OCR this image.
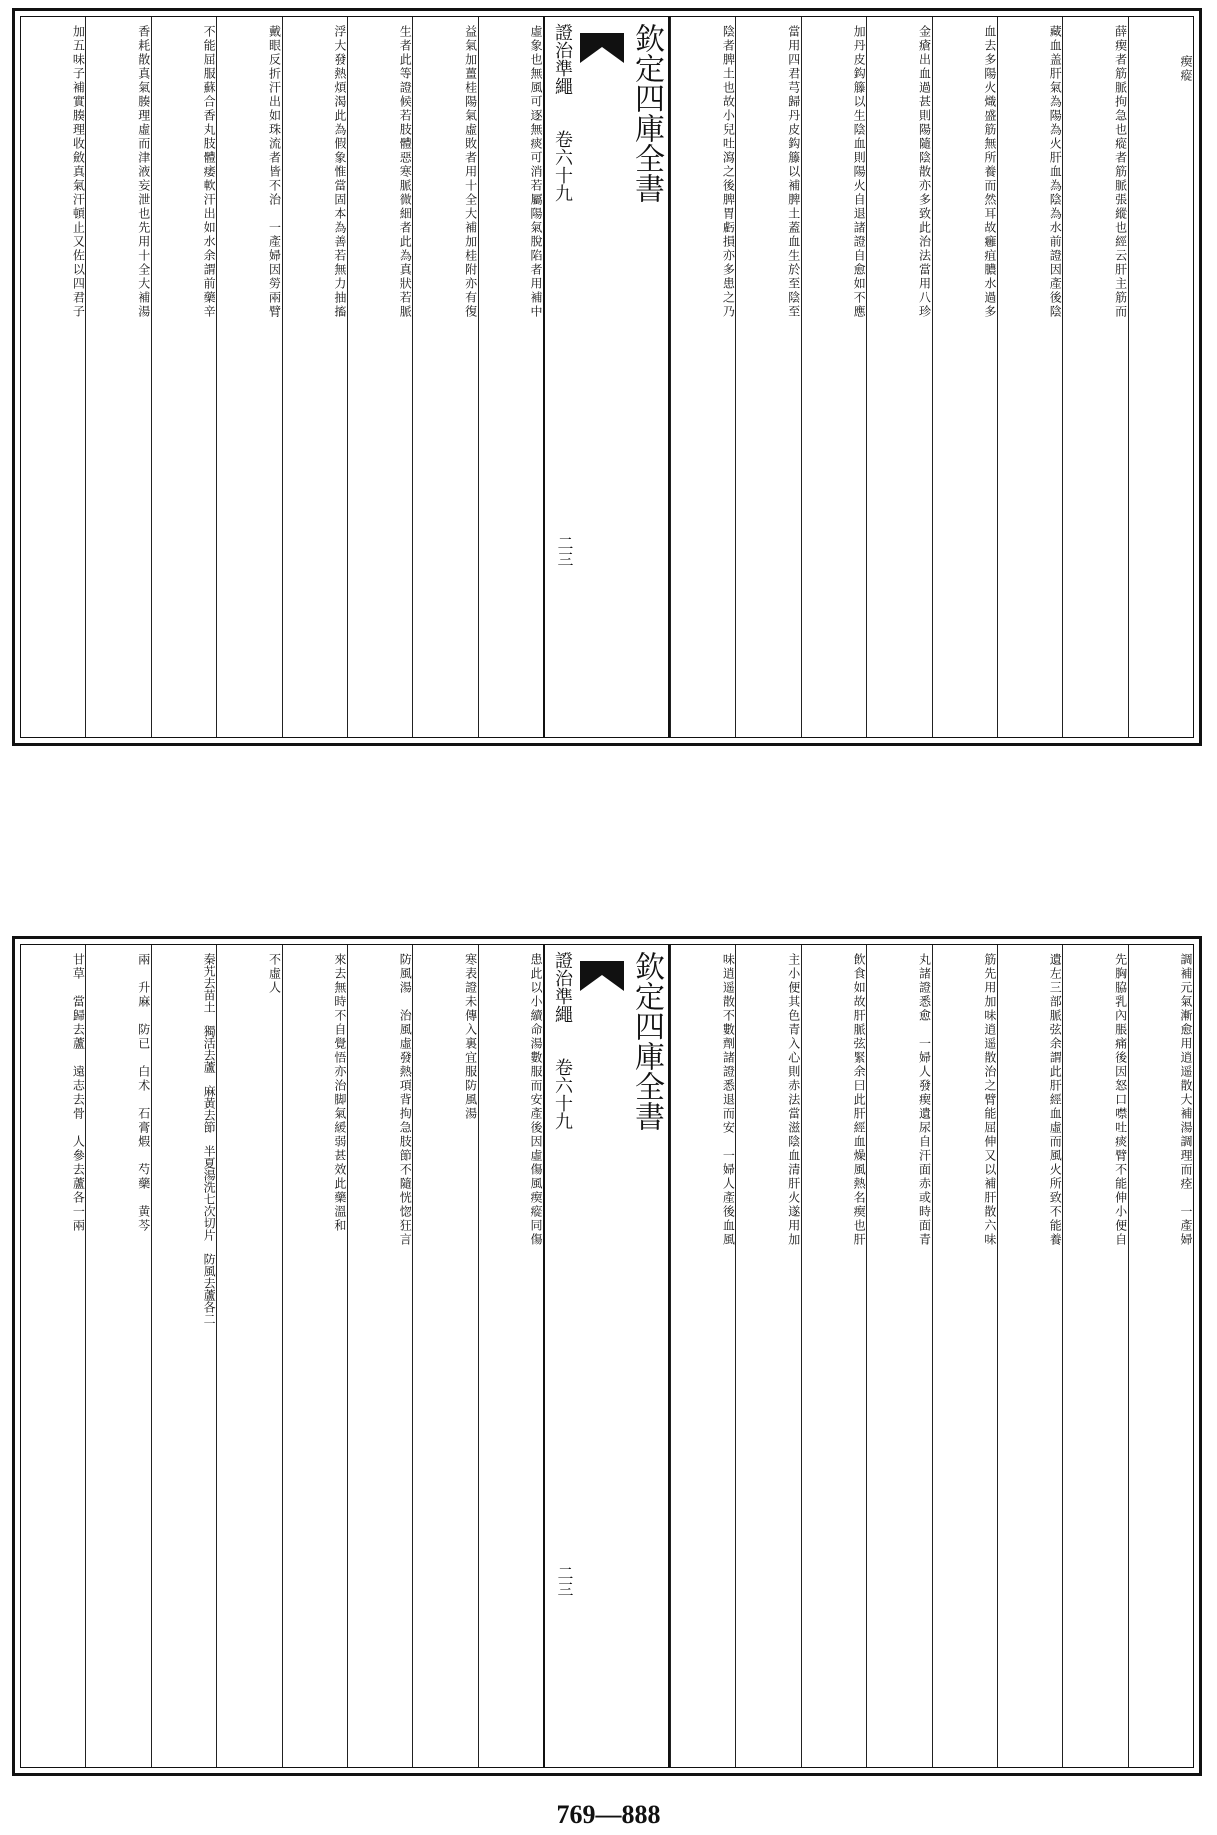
瘈瘲
薛瘈者筋脈拘急也瘲者筋脈張縱也經云肝主筋而
藏血盖肝氣為陽為火肝血為陰為水前證因產後陰
血去多陽火熾盛筋無所養而然耳故癰疽膿水過多
金瘡出血過甚則陽隨陰散亦多致此治法當用八珍
加丹皮鈎籐以生陰血則陽火自退諸證自愈如不應
當用四君芎歸丹皮鈎籐以補脾土蓋血生於至陰至
陰者脾土也故小兒吐瀉之後脾胃虧損亦多患之乃
欽定四庫全書
證治準繩 卷六十九
二三
虛象也無風可逐無痰可消若屬陽氣脫陷者用補中
益氣加薑桂陽氣虛敗者用十全大補加桂附亦有復
生者此等證候若肢體惡寒脈微細者此為真狀若脈
浮大發熱煩渴此為假象惟當固本為善若無力抽搐
戴眼反折汗出如珠流者皆不治　一產婦因勞兩臂
不能屈服蘇合香丸肢體痿軟汗出如水余謂前藥辛
香耗散真氣腠理虛而津液妄泄也先用十全大補湯
加五味子補實腠理收斂真氣汗頓止又佐以四君子
調補元氣漸愈用逍遥散大補湯調理而痊　一產婦
先胸脇乳內脹痛後因怒口噤吐痰臂不能伸小便自
遺左三部脈弦余謂此肝經血虛而風火所致不能養
筋先用加味逍遥散治之臂能屈伸又以補肝散六味
丸諸證悉愈　一婦人發瘈遺尿自汗面赤或時面青
飲食如故肝脈弦緊余曰此肝經血燥風熱名瘈也肝
主小便其色青入心則赤法當滋陰血清肝火遂用加
味逍遥散不數劑諸證悉退而安　一婦人產後血風
欽定四庫全書
證治準繩 卷六十九
二三
患此以小續命湯數服而安產後因虛傷風瘈瘲同傷
寒表證未傳入裏宜服防風湯
防風湯　治風虛發熱項背拘急肢節不隨恍惚狂言
來去無時不自覺悟亦治脚氣緩弱甚效此藥溫和
不虛人
秦艽去苗土　獨活去蘆　麻黃去節　半夏湯洗七次切片　防風去蘆各二
兩　升麻　防已　白术　石膏煆　芍藥　黄芩
甘草　當歸去蘆　遠志去骨　人參去蘆各一兩
769—888
